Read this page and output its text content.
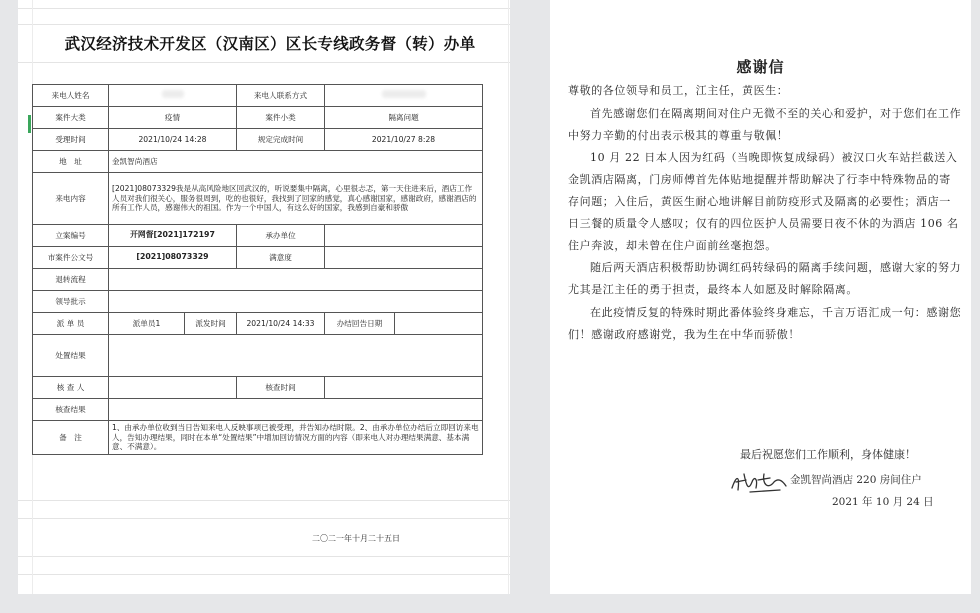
武汉经济技术开发区（汉南区）区长专线政务督（转）办单
来电人姓名			来电人联系方式		
案件大类	疫情		案件小类	隔离问题	
受理时间	2021/10/24 14:28		规定完成时间	2021/10/27 8:28	
地　址	金凯智尚酒店				
来电内容	[2021]08073329我是从高风险地区回武汉的，听说要集中隔离，心里很忐忑，第一天住进来后，酒店工作人员对我们很关心，服务很周到，吃的也很好，我找到了回家的感觉，真心感谢国家，感谢政府，感谢酒店的所有工作人员，感谢伟大的祖国。作为一个中国人，有这么好的国家，我感到自豪和骄傲				
立案编号	开网督[2021]172197		承办单位		
市案件公文号	[2021]08073329		满意度		
退转流程					
领导批示					
派 单 员	派单员1	派发时间	2021/10/24 14:33	办结回告日期	
处置结果					
核 查 人			核查时间		
核查结果					
备　注	1、由承办单位收到当日告知来电人反映事项已被受理，并告知办结时限。2、由承办单位办结后立即回访来电人，告知办理结果，同时在本单“处置结果”中增加回访情况方面的内容（即来电人对办理结果满意、基本满意、不满意）。				
二〇二一年十月二十五日
感谢信

尊敬的各位领导和员工，江主任，黄医生：

首先感谢您们在隔离期间对住户无微不至的关心和爱护，对于您们在工作中努力辛勤的付出表示极其的尊重与敬佩！

10 月 22 日本人因为红码（当晚即恢复成绿码）被汉口火车站拦截送入金凯酒店隔离，门房师傅首先体贴地提醒并帮助解决了行李中特殊物品的寄存问题；入住后，黄医生耐心地讲解目前防疫形式及隔离的必要性；酒店一日三餐的质量令人感叹；仅有的四位医护人员需要日夜不休的为酒店 106 名住户奔波，却未曾在住户面前丝毫抱怨。

随后两天酒店积极帮助协调红码转绿码的隔离手续问题，感谢大家的努力尤其是江主任的勇于担责，最终本人如愿及时解除隔离。

在此疫情反复的特殊时期此番体验终身难忘，千言万语汇成一句：感谢您们！感谢政府感谢党，我为生在中华而骄傲！

最后祝愿您们工作顺利，身体健康！
金凯智尚酒店 220 房间住户
2021 年 10 月 24 日
